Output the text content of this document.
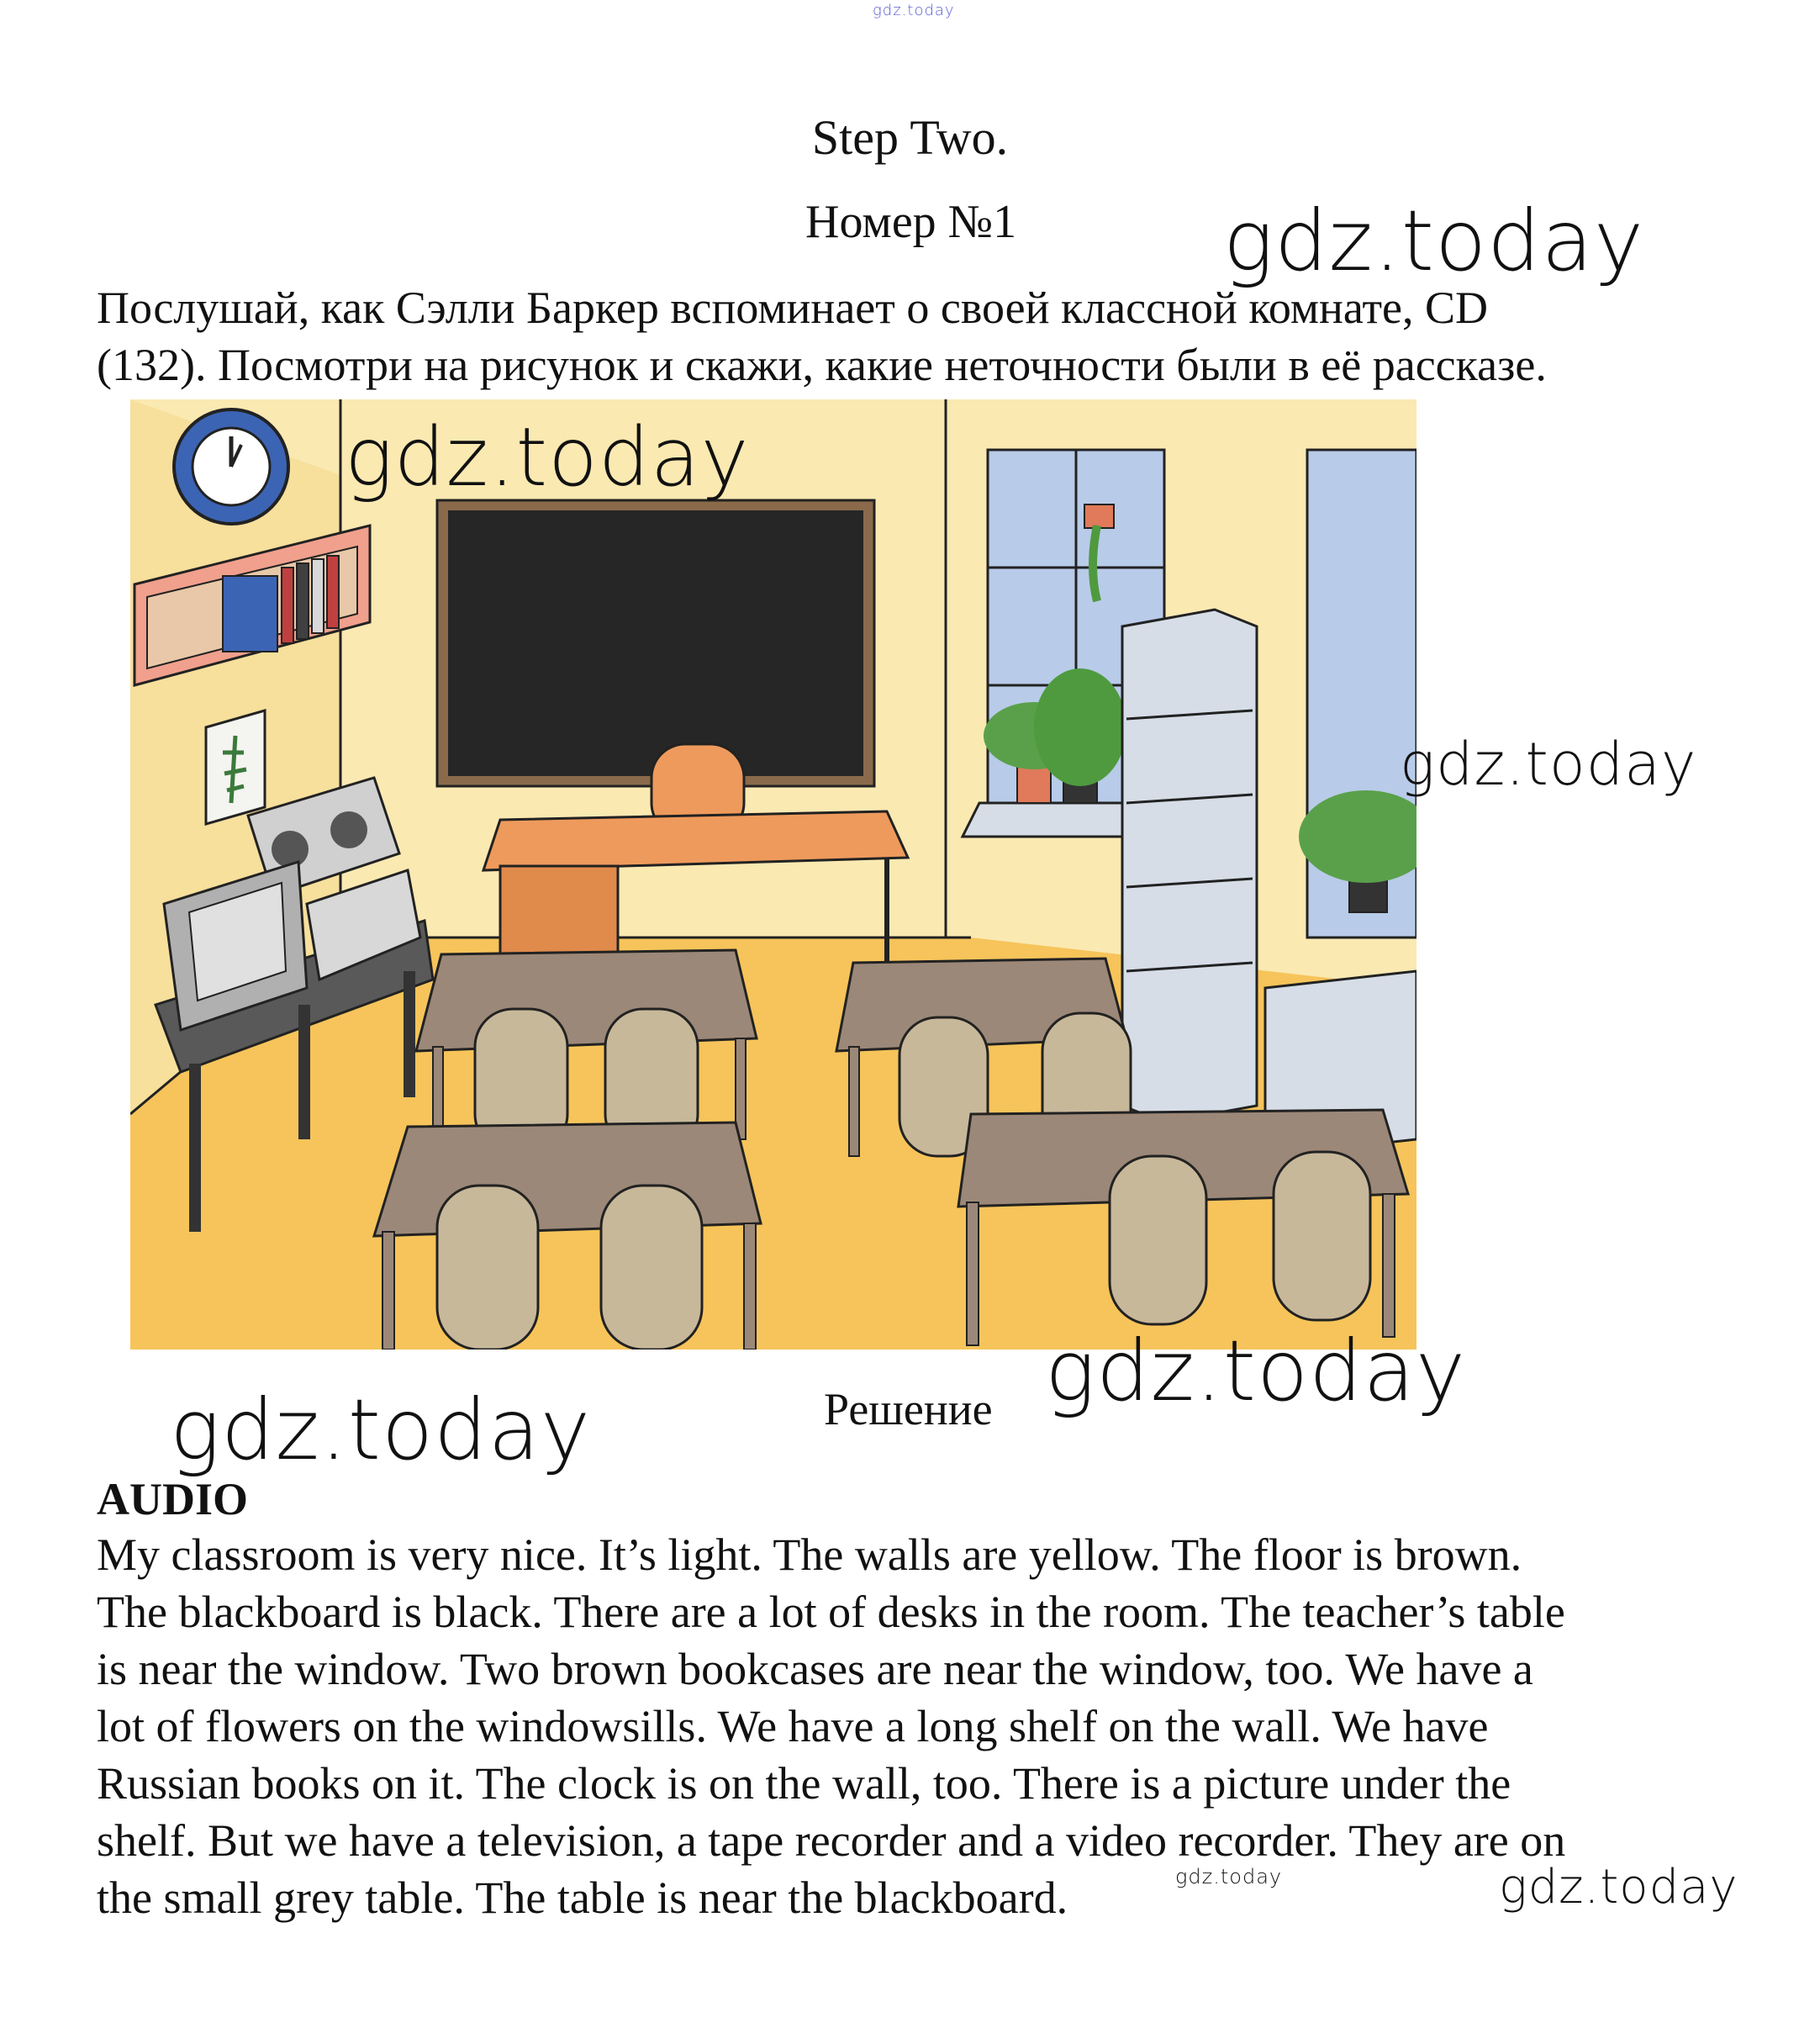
gdz.today
Step Two.
Номер №1 gdz.today
Послушай, как Сэлли Баркер вспоминает о своей классной комнате, CD
(132). Посмотри на рисунок и скажи, какие неточности были в её рассказе.
gdz.today
gdz.today
gdz.today
gdz.today	Решение
AUDIO
My classroom is very nice. It’s light. The walls are yellow. The floor is brown.
The blackboard is black. There are a lot of desks in the room. The teacher’s table
is near the window. Two brown bookcases are near the window, too. We have a
lot of flowers on the windowsills. We have a long shelf on the wall. We have
Russian books on it. The clock is on the wall, too. There is a picture under the
shelf. But we have a television, a tape recorder and a video recorder. They are on
the small grey table. The table is near the blackboard.	gdz.today	gdz.today
